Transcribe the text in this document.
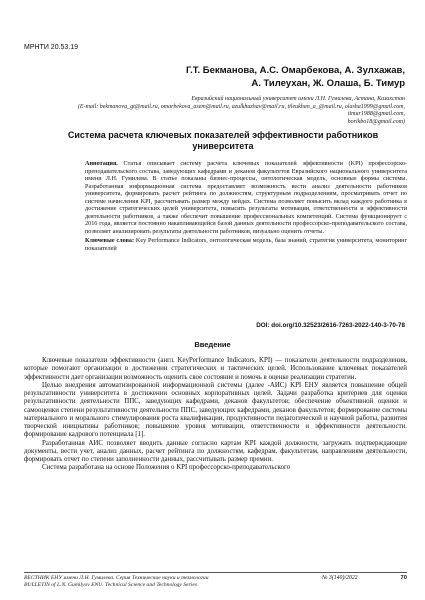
МРНТИ 20.53.19
Г.Т. Бекманова, А.С. Омарбекова, А. Зулхажав,
А. Тилеухан, Ж. Олаша, Б. Тимур
Евразийский национальный университет имени Л.Н. Гумилева, Астана, Казахстан
(E-mail: bekmanova_gt@mail.ru, omarbekova_asem@mail.ru, azulkhazhav@mail.ru, tileukhan_a_@mail.ru, olasha1999@gmail.com, timur1988@gmail.com,
borikbo18@gmail.com)
Система расчета ключевых показателей эффективности работников
университета
Аннотация. Статья описывает систему расчета ключевых показателей эффективности (KPI) профессорско-преподавательского состава, заведующих кафедрами и деканов факультетов Евразийского национального университета имени Л.Н. Гумилева. В статье показаны бизнес-процессы, онтологическая модель, основные формы системы. Разработанная информационная система предоставляет возможность вести анализ деятельности работников университета, формировать расчет рейтинга по должностям, структурным подразделениям, просматривать отчет по системе начисления KPI, рассчитывать размер между нейдах. Система позволяет повысить вклад каждого работника в достижение стратегических целей университета, повысить результаты мотивации, ответственности и эффективности деятельности работников, а также обеспечит повышение профессиональных компетенций. Система функционирует с 2016 года, является постоянно накапливающейся базой данных деятельности профессорско-преподавательского состава, позволяет анализировать результаты деятельности работников, визуально оценить отчеты.
Ключевые слова: Key Performance Indicators, онтологическая модель, база знаний, стратегия университета, мониторинг показателей
DOI: doi.org/10.32523/2616-7263-2022-140-3-70-78
Введение

Ключевые показатели эффективности (англ. KeyPerformance Indicators, KPI) — показатели деятельности подразделения, которые помогают организации в достижении стратегических и тактических целей. Использование ключевых показателей эффективности дает организации возможность оценить свое состояние и помочь в оценке реализации стратегии.

Целью внедрения автоматизированной информационной системы (далее -АИС) KPI ЕНУ является повышение общей результативности университета в достижении основных корпоративных целей. Задачи разработка критериев для оценки результативности деятельности ППС, заведующих кафедрами, деканов факультетов; обеспечение объективной оценки и самооценки степени результативности деятельности ППС, заведующих кафедрами, деканов факультетов; формирование системы материального и морального стимулирования роста квалификации, продуктивности педагогической и научной работы, развития творческой инициативы работников; повышение уровня мотивации, ответственности и эффективности деятельности. формирование кадрового потенциала [1].

Разработанная АИС позволяет вводить данные согласно картам KPI каждой должности, загружать подтверждающие документы, вести учет, анализ данных, расчет рейтинга по должностям, кафедрам, факультетам, направлениям деятельности, формировать отчет по степени заполненности данных, рассчитывать размер премии.

Система разработана на основе Положения о KPI профессорско-преподавательского

ВЕСТНИК ЕНУ имени Л.Н. Гумилева. Серия Технические науки и технологии
BULLETIN of L.N. Gumilyov ENU. Technical Science and Technology Series
№ 3(140)/2022	70
